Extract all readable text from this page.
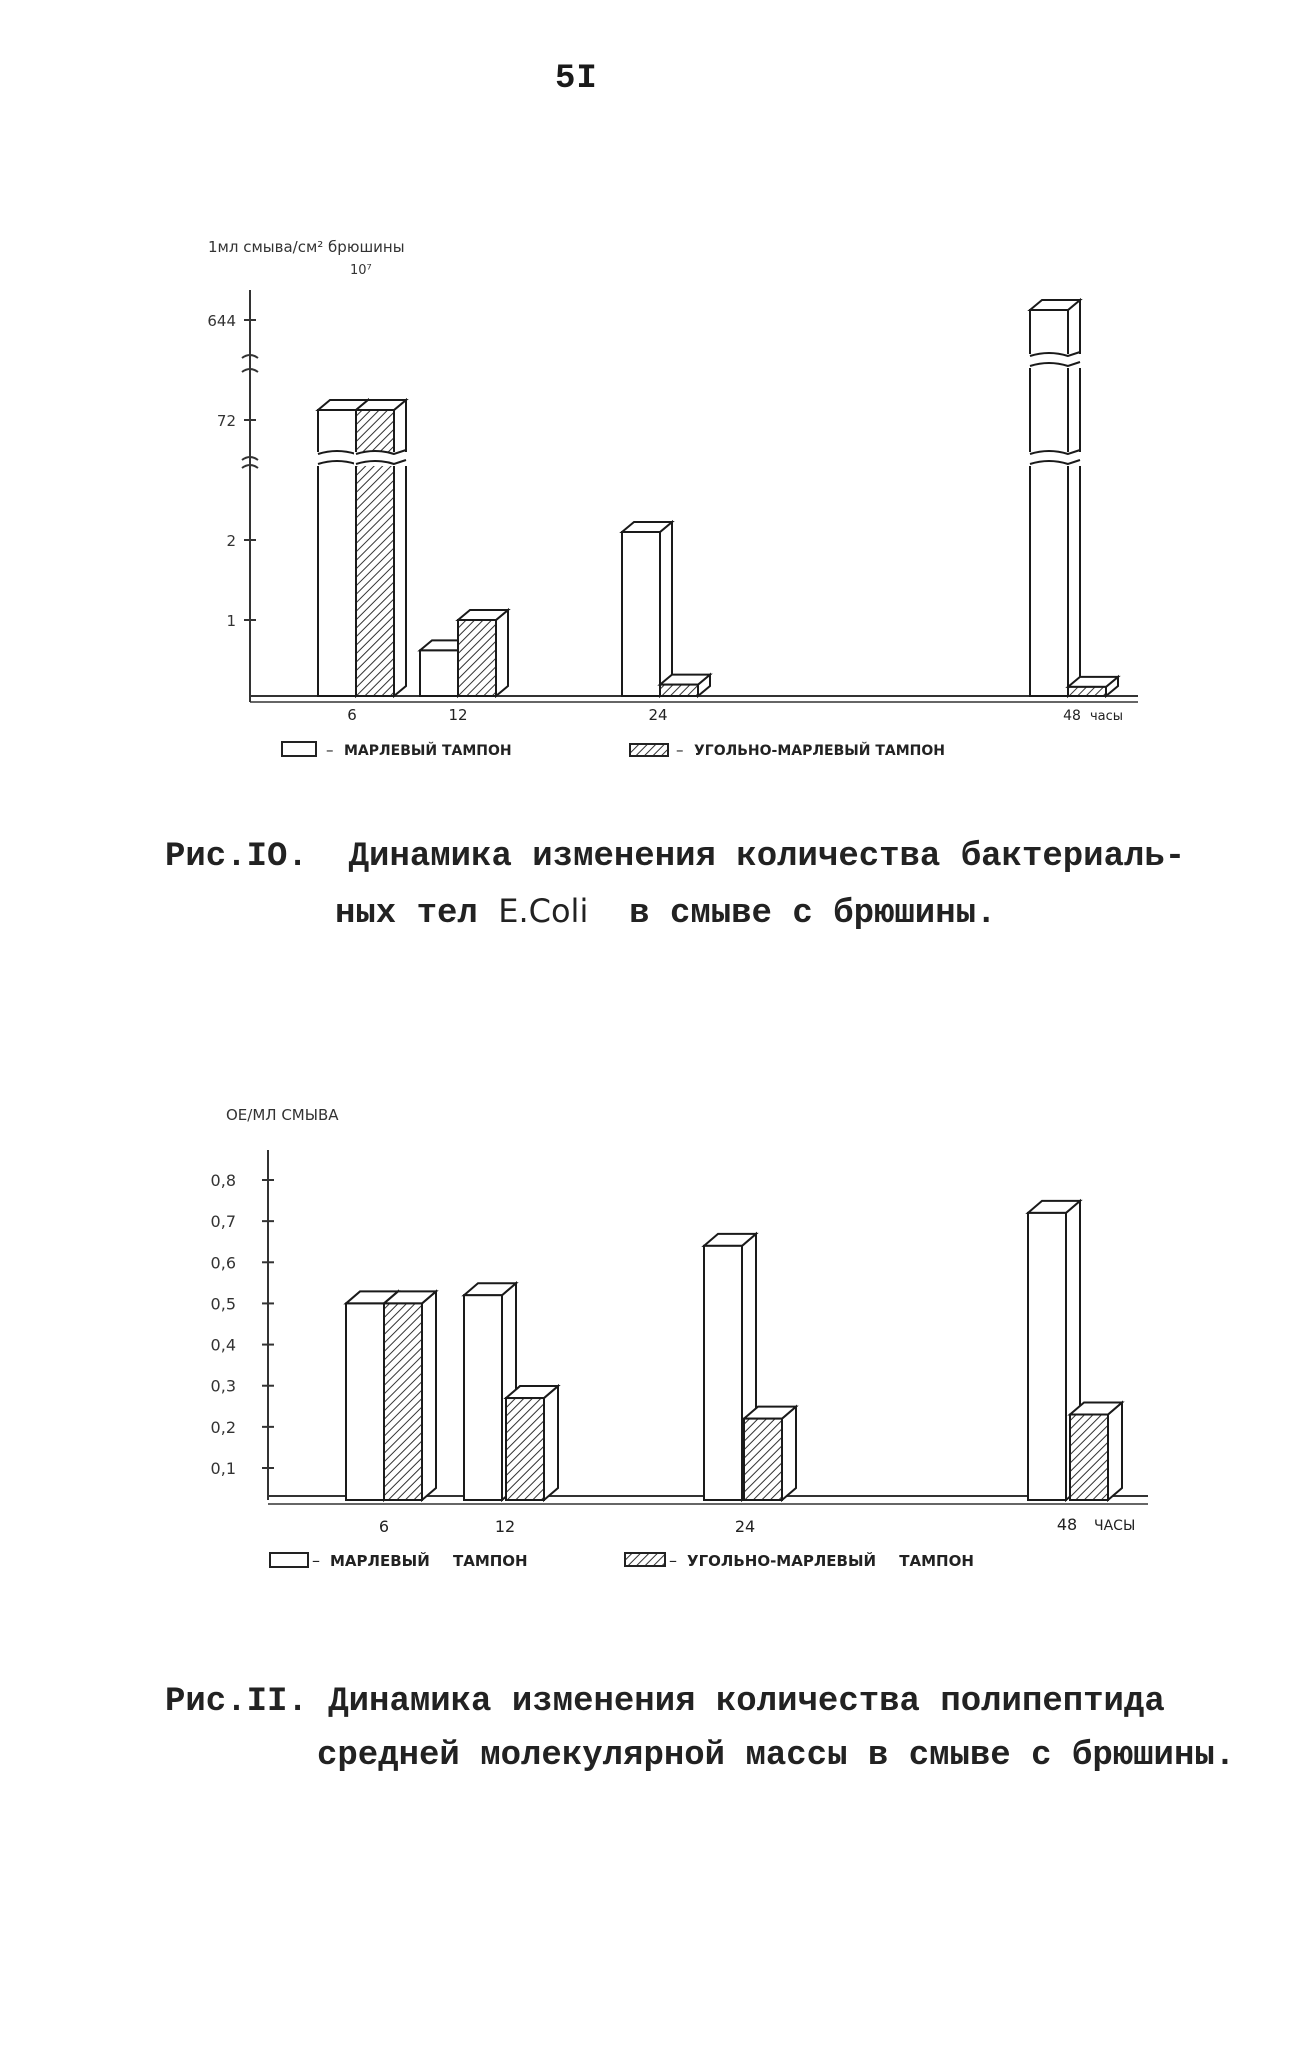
5I
1мл смыва/см² брюшины
10⁷
644
72
2
1
6	12	24	48 часы
– МАРЛЕВЫЙ ТАМПОН	– УГОЛЬНО-МАРЛЕВЫЙ ТАМПОН
Рис.IO. Динамика изменения количества бактериаль-
ных тел E.Coli в смыве с брюшины.
ОЕ/МЛ СМЫВА
6	12	24	48 ЧАСЫ
– МАРЛЕВЫЙ ТАМПОН	– УГОЛЬНО-МАРЛЕВЫЙ ТАМПОН
0,1
0,2
0,3
0,4
0,5
0,6
0,7
0,8
Рис.II. Динамика изменения количества полипептида
средней молекулярной массы в смыве с брюшины.
